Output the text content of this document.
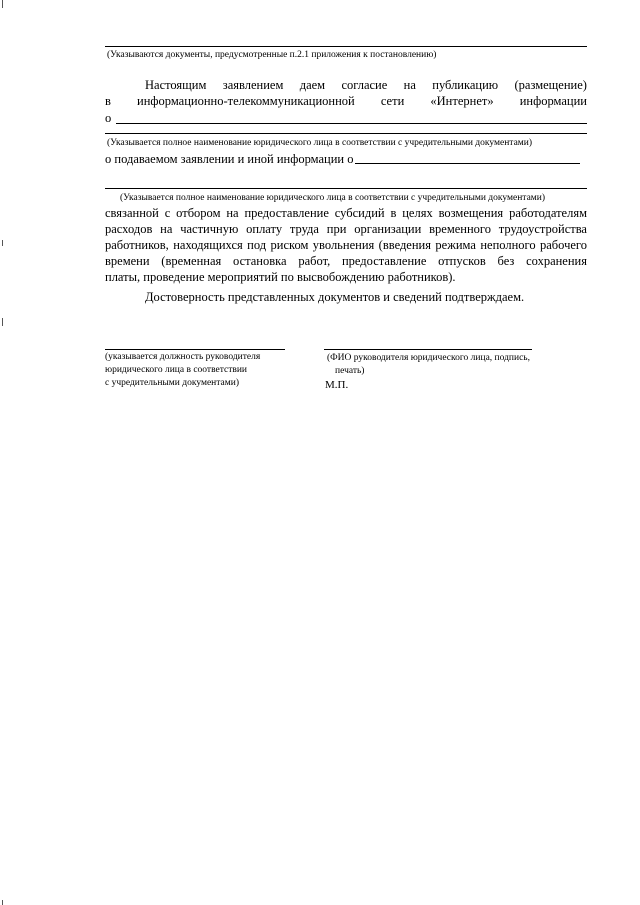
(Указываются документы, предусмотренные п.2.1 приложения к постановлению)
Настоящим заявлением даем согласие на публикацию (размещение)
в информационно-телекоммуникационной сети «Интернет» информации
о
(Указывается полное наименование юридического лица в соответствии с учредительными документами)
о подаваемом заявлении и иной информации о
(Указывается полное наименование юридического лица в соответствии с учредительными документами)
связанной с отбором на предоставление субсидий в целях возмещения работодателям
расходов на частичную оплату труда при организации временного трудоустройства
работников, находящихся под риском увольнения (введения режима неполного рабочего
времени (временная остановка работ, предоставление отпусков без сохранения
платы, проведение мероприятий по высвобождению работников).
Достоверность представленных документов и сведений подтверждаем.
(указывается должность руководителя
юридического лица в соответствии
с учредительными документами)
(ФИО руководителя юридического лица, подпись,
печать)
М.П.
